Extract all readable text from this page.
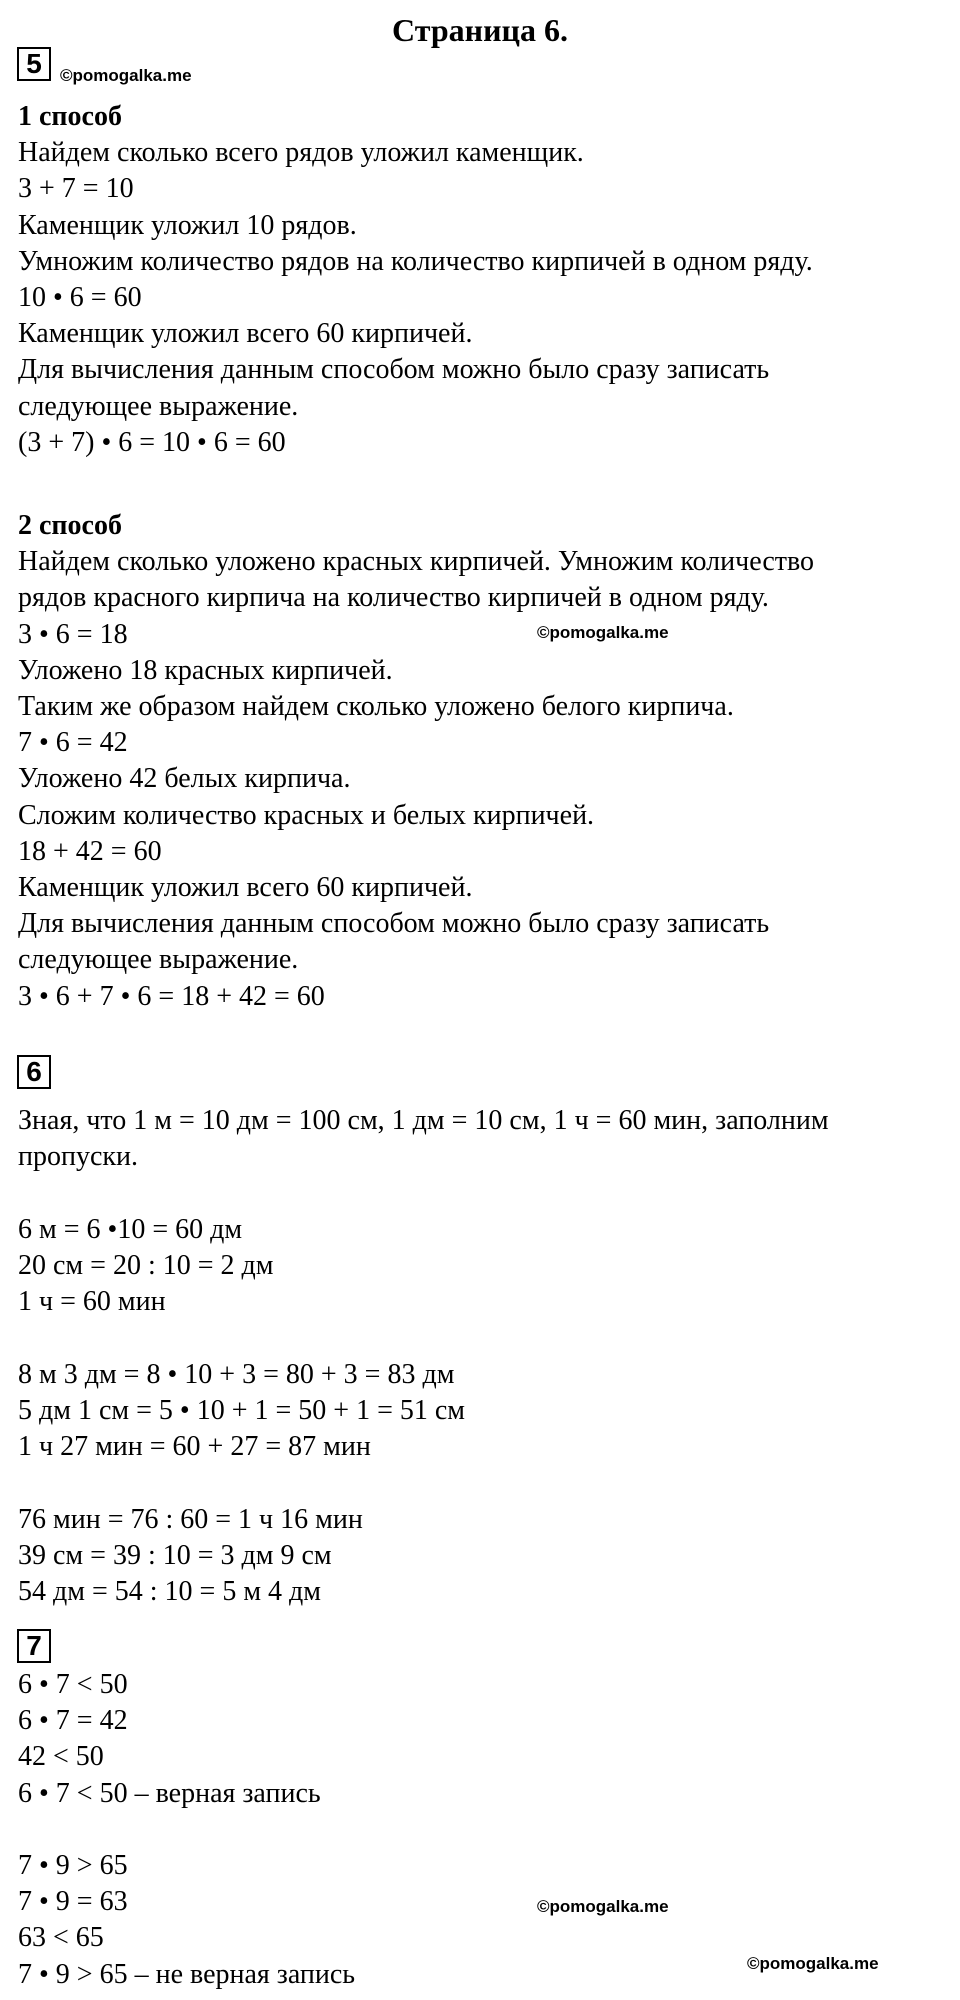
Страница 6.
5	©pomogalka.me
1 способ
Найдем сколько всего рядов уложил каменщик.
3 + 7 = 10
Каменщик уложил 10 рядов.
Умножим количество рядов на количество кирпичей в одном ряду.
10 • 6 = 60
Каменщик уложил всего 60 кирпичей.
Для вычисления данным способом можно было сразу записать
следующее выражение.
(3 + 7) • 6 = 10 • 6 = 60
2 способ
Найдем сколько уложено красных кирпичей. Умножим количество
рядов красного кирпича на количество кирпичей в одном ряду.
3 • 6 = 18
Уложено 18 красных кирпичей.
Таким же образом найдем сколько уложено белого кирпича.
7 • 6 = 42
Уложено 42 белых кирпича.
Сложим количество красных и белых кирпичей.
18 + 42 = 60
Каменщик уложил всего 60 кирпичей.
Для вычисления данным способом можно было сразу записать
следующее выражение.
3 • 6 + 7 • 6 = 18 + 42 = 60
©pomogalka.me
6
Зная, что 1 м = 10 дм = 100 см, 1 дм = 10 см, 1 ч = 60 мин, заполним
пропуски.
6 м = 6 •10 = 60 дм
20 см = 20 : 10 = 2 дм
1 ч = 60 мин
8 м 3 дм = 8 • 10 + 3 = 80 + 3 = 83 дм
5 дм 1 см = 5 • 10 + 1 = 50 + 1 = 51 см
1 ч 27 мин = 60 + 27 = 87 мин
76 мин = 76 : 60 = 1 ч 16 мин
39 см = 39 : 10 = 3 дм 9 см
54 дм = 54 : 10 = 5 м 4 дм
7
6 • 7 < 50
6 • 7 = 42
42 < 50
6 • 7 < 50 – верная запись
7 • 9 > 65
7 • 9 = 63
63 < 65
7 • 9 > 65 – не верная запись
©pomogalka.me
©pomogalka.me
